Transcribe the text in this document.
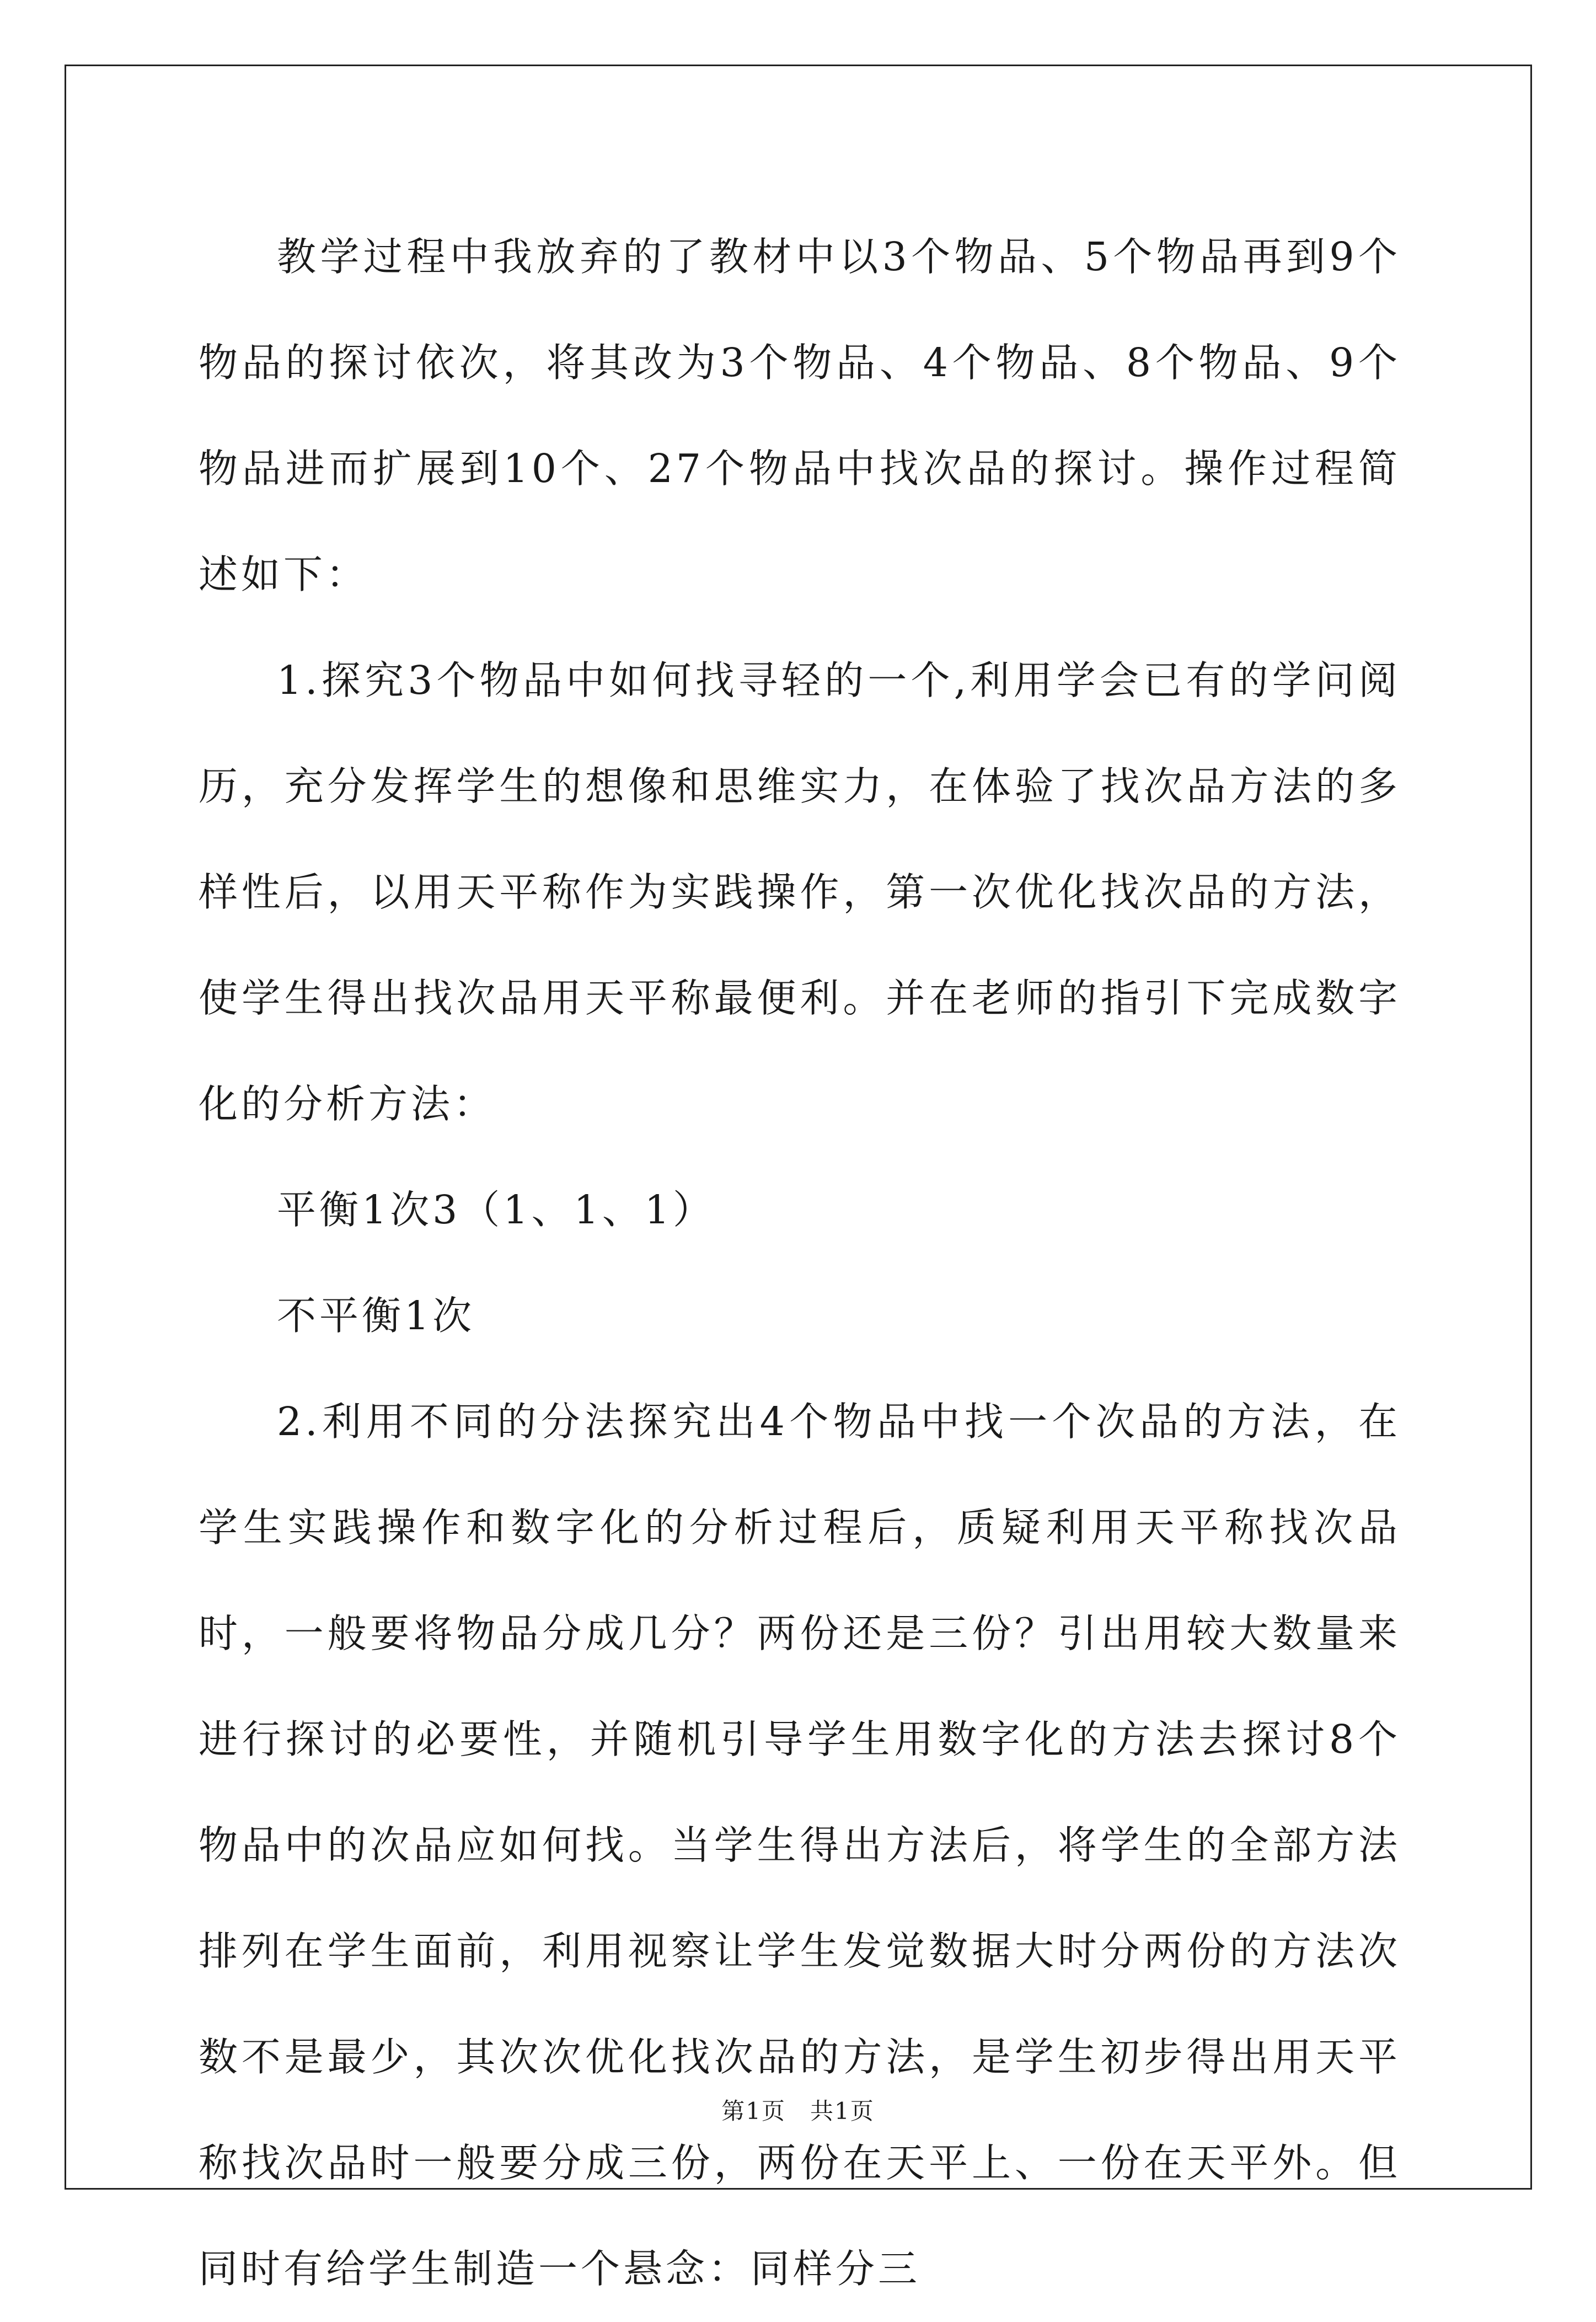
教学过程中我放弃的了教材中以3个物品、5个物品再到9个物品的探讨依次，将其改为3个物品、4个物品、8个物品、9个物品进而扩展到10个、27个物品中找次品的探讨。操作过程简述如下：

1.探究3个物品中如何找寻轻的一个,利用学会已有的学问阅历，充分发挥学生的想像和思维实力，在体验了找次品方法的多样性后，以用天平称作为实践操作，第一次优化找次品的方法，使学生得出找次品用天平称最便利。并在老师的指引下完成数字化的分析方法：

平衡1次3（1、1、1）

不平衡1次

2.利用不同的分法探究出4个物品中找一个次品的方法，在学生实践操作和数字化的分析过程后，质疑利用天平称找次品时，一般要将物品分成几分？两份还是三份？引出用较大数量来进行探讨的必要性，并随机引导学生用数字化的方法去探讨8个物品中的次品应如何找。当学生得出方法后，将学生的全部方法排列在学生面前，利用视察让学生发觉数据大时分两份的方法次数不是最少，其次次优化找次品的方法，是学生初步得出用天平称找次品时一般要分成三份，两份在天平上、一份在天平外。但同时有给学生制造一个悬念：同样分三

第1页　共1页
